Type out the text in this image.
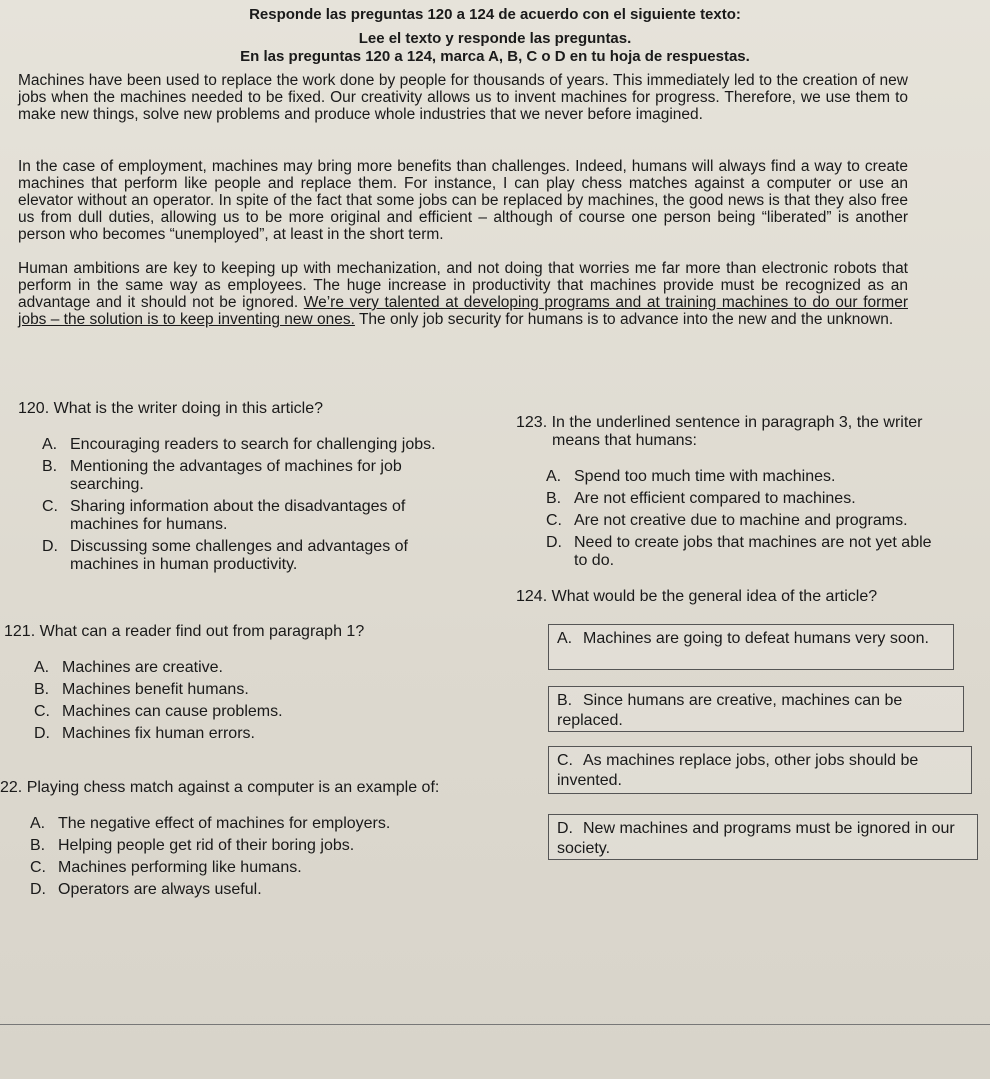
Responde las preguntas 120 a 124 de acuerdo con el siguiente texto:
Lee el texto y responde las preguntas.
En las preguntas 120 a 124, marca A, B, C o D en tu hoja de respuestas.
Machines have been used to replace the work done by people for thousands of years. This immediately led to the creation of new jobs when the machines needed to be fixed. Our creativity allows us to invent machines for progress. Therefore, we use them to make new things, solve new problems and produce whole industries that we never before imagined.
In the case of employment, machines may bring more benefits than challenges. Indeed, humans will always find a way to create machines that perform like people and replace them. For instance, I can play chess matches against a computer or use an elevator without an operator. In spite of the fact that some jobs can be replaced by machines, the good news is that they also free us from dull duties, allowing us to be more original and efficient – although of course one person being “liberated” is another person who becomes “unemployed”, at least in the short term.
Human ambitions are key to keeping up with mechanization, and not doing that worries me far more than electronic robots that perform in the same way as employees. The huge increase in productivity that machines provide must be recognized as an advantage and it should not be ignored. We’re very talented at developing programs and at training machines to do our former jobs – the solution is to keep inventing new ones. The only job security for humans is to advance into the new and the unknown.
120. What is the writer doing in this article?
A. Encouraging readers to search for challenging jobs.
B. Mentioning the advantages of machines for job searching.
C. Sharing information about the disadvantages of machines for humans.
D. Discussing some challenges and advantages of machines in human productivity.
121. What can a reader find out from paragraph 1?
A. Machines are creative.
B. Machines benefit humans.
C. Machines can cause problems.
D. Machines fix human errors.
22. Playing chess match against a computer is an example of:
A. The negative effect of machines for employers.
B. Helping people get rid of their boring jobs.
C. Machines performing like humans.
D. Operators are always useful.
123. In the underlined sentence in paragraph 3, the writer means that humans:
A. Spend too much time with machines.
B. Are not efficient compared to machines.
C. Are not creative due to machine and programs.
D. Need to create jobs that machines are not yet able to do.
124. What would be the general idea of the article?
A. Machines are going to defeat humans very soon.
B. Since humans are creative, machines can be replaced.
C. As machines replace jobs, other jobs should be invented.
D. New machines and programs must be ignored in our society.
